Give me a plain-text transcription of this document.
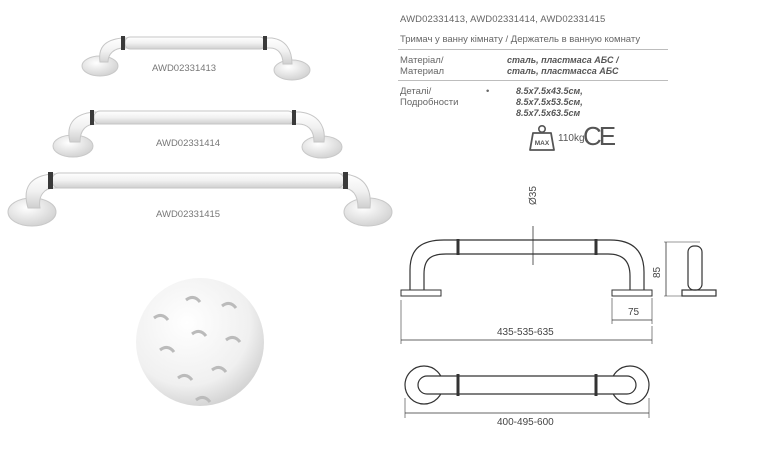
AWD02331413, AWD02331414, AWD02331415
Тримач у ванну кімнату / Держатель в ванную комнату
Матеріал/
Материал
сталь, пластмаса АБС /
сталь, пластмасса АБС
Деталі/
Подробности
•	8.5x7.5x43.5см,
8.5x7.5x53.5см,
8.5x7.5x63.5см
MAX 110kg
CE
AWD02331413
AWD02331414
AWD02331415
Ø35
85
75
435-535-635
400-495-600
